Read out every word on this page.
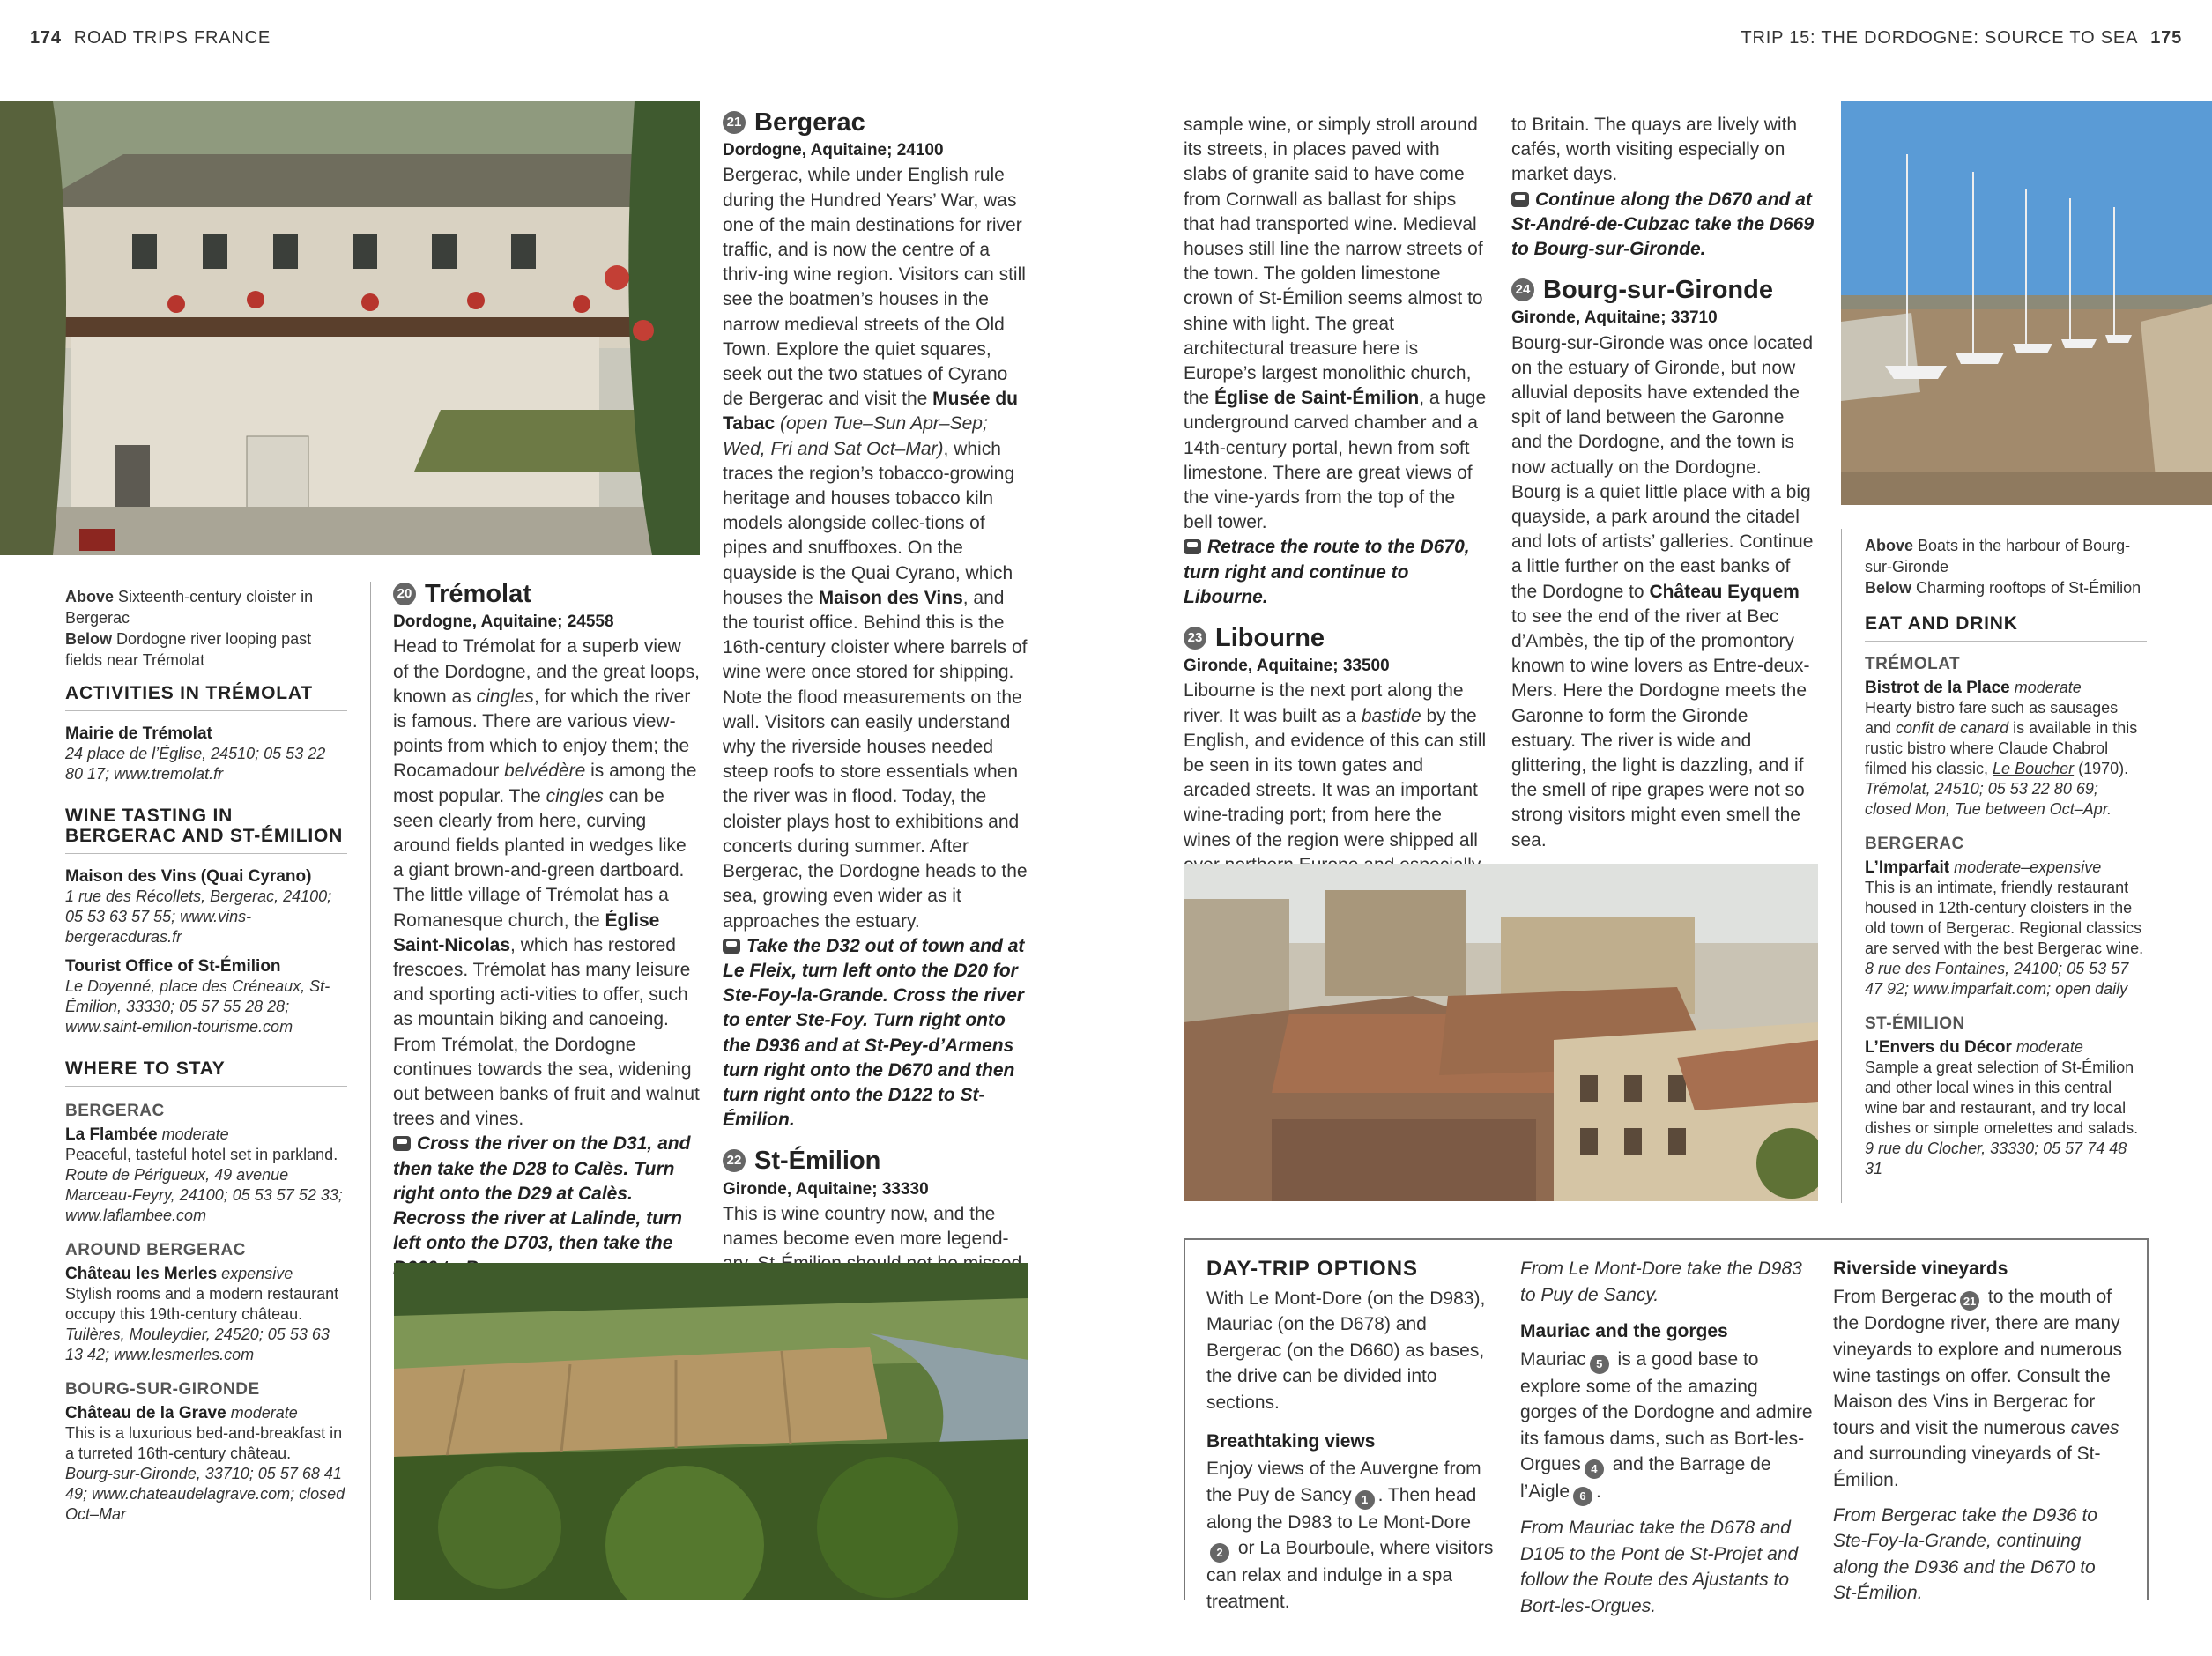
174 ROAD TRIPS FRANCE	TRIP 15: THE DORDOGNE: SOURCE TO SEA 175
Above Sixteenth-century cloister in Bergerac
Below Dordogne river looping past fields near Trémolat
ACTIVITIES IN TRÉMOLAT
Mairie de Trémolat
24 place de l’Église, 24510; 05 53 22 80 17; www.tremolat.fr
WINE TASTING IN BERGERAC AND ST-ÉMILION
Maison des Vins (Quai Cyrano)
1 rue des Récollets, Bergerac, 24100; 05 53 63 57 55; www.vins-bergeracduras.fr
Tourist Office of St-Émilion
Le Doyenné, place des Créneaux, St-Émilion, 33330; 05 57 55 28 28; www.saint-emilion-tourisme.com
WHERE TO STAY
BERGERAC
La Flambée moderate
Peaceful, tasteful hotel set in parkland.
Route de Périgueux, 49 avenue Marceau-Feyry, 24100; 05 53 57 52 33; www.laflambee.com
AROUND BERGERAC
Château les Merles expensive
Stylish rooms and a modern restaurant occupy this 19th-century château.
Tuilères, Mouleydier, 24520; 05 53 63 13 42; www.lesmerles.com
BOURG-SUR-GIRONDE
Château de la Grave moderate
This is a luxurious bed-and-breakfast in a turreted 16th-century château.
Bourg-sur-Gironde, 33710; 05 57 68 41 49; www.chateaudelagrave.com; closed Oct–Mar
20 Trémolat
Dordogne, Aquitaine; 24558

Head to Trémolat for a superb view of the Dordogne, and the great loops, known as cingles, for which the river is famous. There are various view-points from which to enjoy them; the Rocamadour belvédère is among the most popular. The cingles can be seen clearly from here, curving around fields planted in wedges like a giant brown-and-green dartboard. The little village of Trémolat has a Romanesque church, the Église Saint-Nicolas, which has restored frescoes. Trémolat has many leisure and sporting acti-vities to offer, such as mountain biking and canoeing. From Trémolat, the Dordogne continues towards the sea, widening out between banks of fruit and walnut trees and vines.

Cross the river on the D31, and then take the D28 to Calès. Turn right onto the D29 at Calès. Recross the river at Lalinde, turn left onto the D703, then take the

21 Bergerac
Dordogne, Aquitaine; 24100

Bergerac, while under English rule during the Hundred Years’ War, was one of the main destinations for river traffic, and is now the centre of a thriv-ing wine region. Visitors can still see the boatmen’s houses in the narrow medieval streets of the Old Town. Explore the quiet squares, seek out the two statues of Cyrano de Bergerac and visit the Musée du Tabac (open Tue–Sun Apr–Sep; Wed, Fri and Sat Oct–Mar), which traces the region’s tobacco-growing heritage and houses tobacco kiln models alongside collec-tions of pipes and snuffboxes. On the quayside is the Quai Cyrano, which houses the Maison des Vins, and the tourist office. Behind this is the 16th-century cloister where barrels of wine were once stored for shipping. Note the flood measurements on the wall. Visitors can easily understand why the riverside houses needed steep roofs to store essentials when the river was in flood. Today, the cloister plays host to exhibitions and concerts during summer. After Bergerac, the Dordogne heads to the sea, growing even wider as it approaches the estuary.

Take the D32 out of town and at Le Fleix, turn left onto the D20 for Ste-Foy-la-Grande. Cross the river to enter Ste-Foy. Turn right onto the D936 and at St-Pey-d’Armens turn right onto the D670 and then turn right onto the D122 to St-Émilion.

22 St-Émilion
Gironde, Aquitaine; 33330

This is wine country now, and the names become even more legend-

sample wine, or simply stroll around its streets, in places paved with slabs of granite said to have come from Cornwall as ballast for ships that had transported wine. Medieval houses still line the narrow streets of the town. The golden limestone crown of St-Émilion seems almost to shine with light. The great architectural treasure here is Europe’s largest monolithic church, the Église de Saint-Émilion, a huge underground carved chamber and a 14th-century portal, hewn from soft limestone. There are great views of the vine-yards from the top of the bell tower.

Retrace the route to the D670, turn right and continue to Libourne.

23 Libourne
Gironde, Aquitaine; 33500

Libourne is the next port along the river. It was built as a bastide by the English, and evidence of this can still be seen in its town gates and arcaded streets. It was an important wine-trading port; from here the wines of the region were shipped all

to Britain. The quays are lively with cafés, worth visiting especially on market days.

Continue along the D670 and at St-André-de-Cubzac take the D669 to Bourg-sur-Gironde.

24 Bourg-sur-Gironde
Gironde, Aquitaine; 33710

Bourg-sur-Gironde was once located on the estuary of Gironde, but now alluvial deposits have extended the spit of land between the Garonne and the Dordogne, and the town is now actually on the Dordogne. Bourg is a quiet little place with a big quayside, a park around the citadel and lots of artists’ galleries. Continue a little further on the east banks of the Dordogne to Château Eyquem to see the end of the river at Bec d’Ambès, the tip of the promontory known to wine lovers as Entre-deux-Mers. Here the Dordogne meets the Garonne to form the Gironde estuary. The river is wide and glittering, the light is dazzling, and if the smell of ripe grapes were not so strong visitors might even smell the sea.

Above Boats in the harbour of Bourg-sur-Gironde
Below Charming rooftops of St-Émilion
EAT AND DRINK
TRÉMOLAT
Bistrot de la Place moderate
Hearty bistro fare such as sausages and confit de canard is available in this rustic bistro where Claude Chabrol filmed his classic, Le Boucher (1970).
Trémolat, 24510; 05 53 22 80 69; closed Mon, Tue between Oct–Apr.
BERGERAC
L’Imparfait moderate–expensive
This is an intimate, friendly restaurant housed in 12th-century cloisters in the old town of Bergerac. Regional classics are served with the best Bergerac wine.
8 rue des Fontaines, 24100; 05 53 57 47 92; www.imparfait.com; open daily
ST-ÉMILION
L’Envers du Décor moderate
Sample a great selection of St-Émilion and other local wines in this central wine bar and restaurant, and try local dishes or simple omelettes and salads.
9 rue du Clocher, 33330; 05 57 74 48 31
DAY-TRIP OPTIONS

With Le Mont-Dore (on the D983), Mauriac (on the D678) and Bergerac (on the D660) as bases, the drive can be divided into sections.

Breathtaking views

Enjoy views of the Auvergne from the Puy de Sancy 1 . Then head along the D983 to Le Mont-Dore2 or La Bourboule, where visitors can relax and indulge in a spa treatment.

From Le Mont-Dore take the D983 to Puy de Sancy.

Mauriac and the gorges

Mauriac 5 is a good base to explore some of the amazing gorges of the Dordogne and admire its famous dams, such as Bort-les-Orgues 4 and the Barrage de l’Aigle 6 .

From Mauriac take the D678 and D105 to the Pont de St-Projet and follow the Route des Ajustants to Bort-les-Orgues.

Riverside vineyards

From Bergerac 21 to the mouth of the Dordogne river, there are many vineyards to explore and numerous wine tastings on offer. Consult the Maison des Vins in Bergerac for tours and visit the numerous caves and surrounding vineyards of St-Émilion.

From Bergerac take the D936 to Ste-Foy-la-Grande, continuing along the D936 and the D670 to St-Émilion.
